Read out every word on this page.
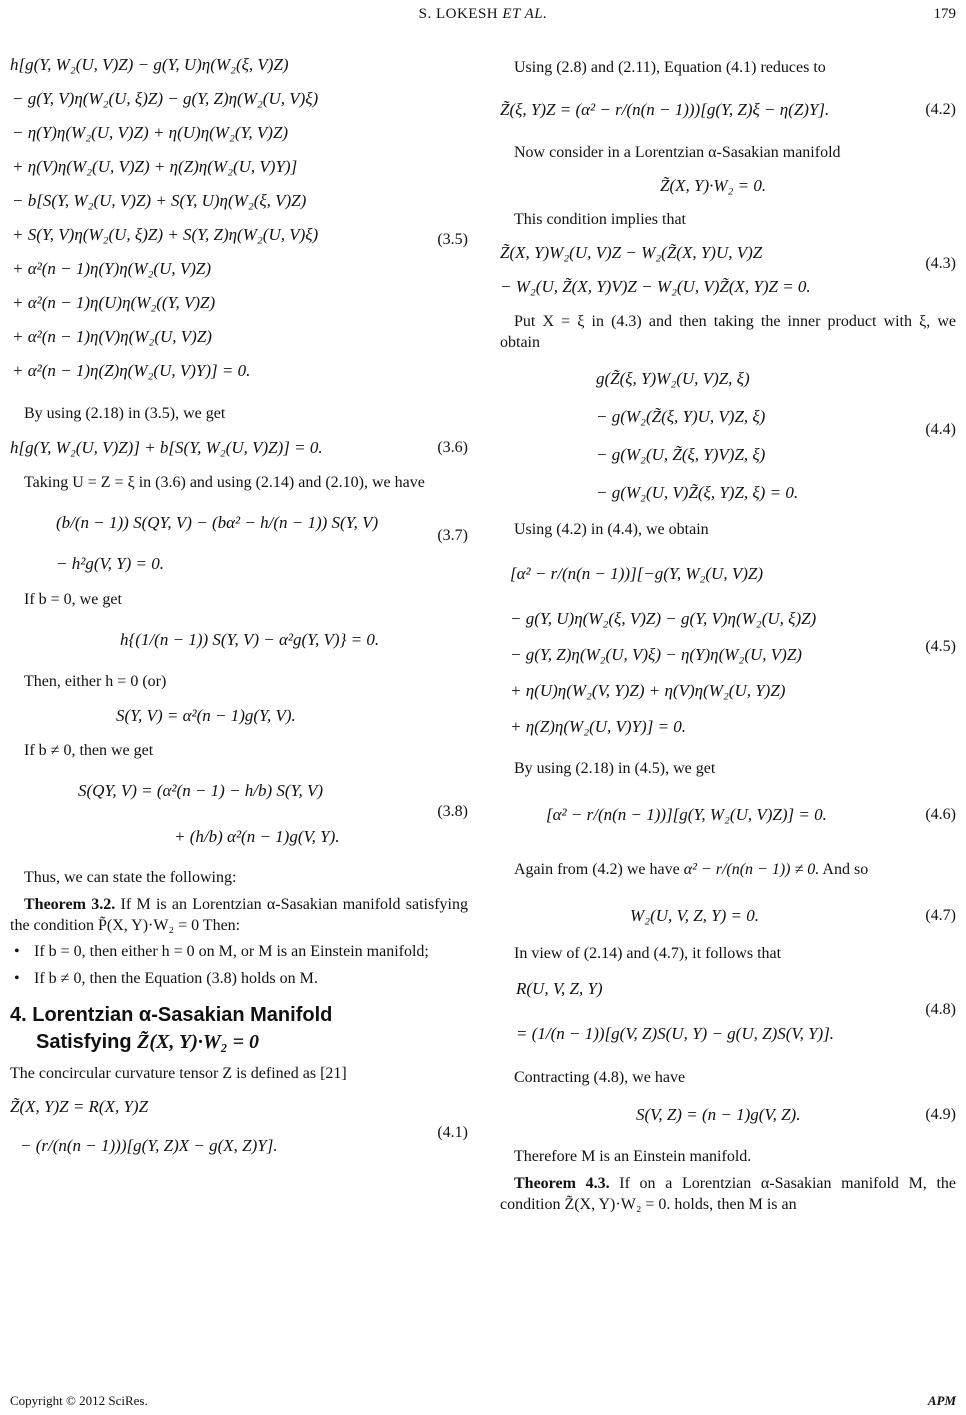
S. LOKESH ET AL.	179
h[g(Y, W₂(U, V)Z) − g(Y, U)η(W₂(ξ, V)Z)
− g(Y, V)η(W₂(U, ξ)Z) − g(Y, Z)η(W₂(U, V)ξ)
− η(Y)η(W₂(U, V)Z) + η(U)η(W₂(Y, V)Z)
+ η(V)η(W₂(U, V)Z) + η(Z)η(W₂(U, V)Y)]
− b[S(Y, W₂(U, V)Z) + S(Y, U)η(W₂(ξ, V)Z)
+ S(Y, V)η(W₂(U, ξ)Z) + S(Y, Z)η(W₂(U, V)ξ)
+ α²(n − 1)η(Y)η(W₂(U, V)Z)
+ α²(n − 1)η(U)η(W₂((Y, V)Z)
+ α²(n − 1)η(V)η(W₂(U, V)Z)
+ α²(n − 1)η(Z)η(W₂(U, V)Y)] = 0.
(3.5)

By using (2.18) in (3.5), we get

h[g(Y, W₂(U, V)Z)] + b[S(Y, W₂(U, V)Z)] = 0.	(3.6)

Taking U = Z = ξ in (3.6) and using (2.14) and (2.10), we have

(b/(n − 1)) S(QY, V) − (bα² − h/(n − 1)) S(Y, V)
− h²g(V, Y) = 0.
(3.7)

If b = 0, we get

h{(1/(n − 1)) S(Y, V) − α²g(Y, V)} = 0.

Then, either h = 0 (or)

S(Y, V) = α²(n − 1)g(Y, V).

If b ≠ 0, then we get

S(QY, V) = (α²(n − 1) − h/b) S(Y, V)
+ (h/b) α²(n − 1)g(V, Y).
(3.8)

Thus, we can state the following:

Theorem 3.2. If M is an Lorentzian α-Sasakian manifold satisfying the condition P̃(X, Y)·W₂ = 0 Then:

• If b = 0, then either h = 0 on M, or M is an Einstein manifold;
• If b ≠ 0, then the Equation (3.8) holds on M.
4. Lorentzian α-Sasakian Manifold
Satisfying Z̃(X, Y)·W₂ = 0

The concircular curvature tensor Z is defined as [21]

Z̃(X, Y)Z = R(X, Y)Z
− (r/(n(n − 1)))[g(Y, Z)X − g(X, Z)Y].
(4.1)

Using (2.8) and (2.11), Equation (4.1) reduces to

Z̃(ξ, Y)Z = (α² − r/(n(n − 1)))[g(Y, Z)ξ − η(Z)Y].	(4.2)

Now consider in a Lorentzian α-Sasakian manifold

Z̃(X, Y)·W₂ = 0.

This condition implies that

Z̃(X, Y)W₂(U, V)Z − W₂(Z̃(X, Y)U, V)Z
− W₂(U, Z̃(X, Y)V)Z − W₂(U, V)Z̃(X, Y)Z = 0.
(4.3)

Put X = ξ in (4.3) and then taking the inner product with ξ, we obtain

g(Z̃(ξ, Y)W₂(U, V)Z, ξ)
− g(W₂(Z̃(ξ, Y)U, V)Z, ξ)
− g(W₂(U, Z̃(ξ, Y)V)Z, ξ)
− g(W₂(U, V)Z̃(ξ, Y)Z, ξ) = 0.
(4.4)

Using (4.2) in (4.4), we obtain

[α² − r/(n(n − 1))][−g(Y, W₂(U, V)Z)
− g(Y, U)η(W₂(ξ, V)Z) − g(Y, V)η(W₂(U, ξ)Z)
− g(Y, Z)η(W₂(U, V)ξ) − η(Y)η(W₂(U, V)Z)
+ η(U)η(W₂(V, Y)Z) + η(V)η(W₂(U, Y)Z)
+ η(Z)η(W₂(U, V)Y)] = 0.
(4.5)

By using (2.18) in (4.5), we get

[α² − r/(n(n − 1))][g(Y, W₂(U, V)Z)] = 0.	(4.6)

Again from (4.2) we have α² − r/(n(n − 1)) ≠ 0. And so

W₂(U, V, Z, Y) = 0.	(4.7)

In view of (2.14) and (4.7), it follows that

R(U, V, Z, Y)
= (1/(n − 1))[g(V, Z)S(U, Y) − g(U, Z)S(V, Y)].
(4.8)

Contracting (4.8), we have

S(V, Z) = (n − 1)g(V, Z).	(4.9)

Therefore M is an Einstein manifold.

Theorem 4.3. If on a Lorentzian α-Sasakian manifold M, the condition Z̃(X, Y)·W₂ = 0. holds, then M is an

Copyright © 2012 SciRes.	APM
